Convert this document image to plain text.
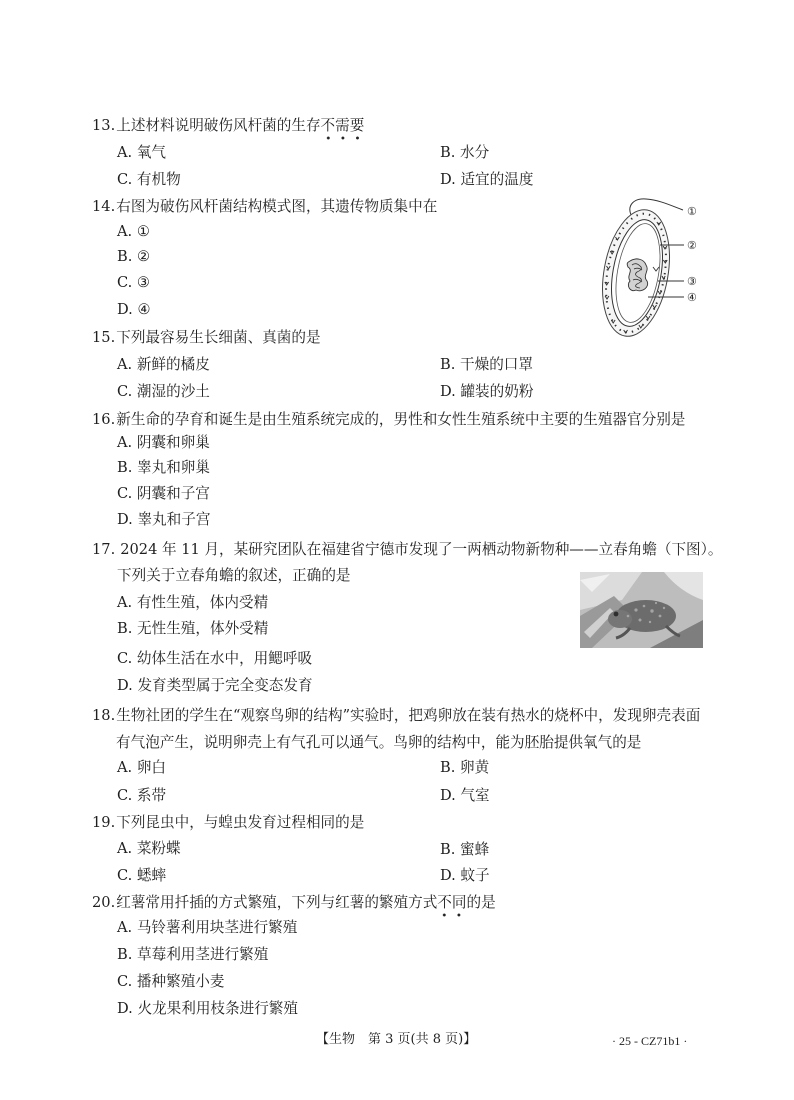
13.上述材料说明破伤风杆菌的生存不需要
A. 氧气	B. 水分
C. 有机物	D. 适宜的温度
14.右图为破伤风杆菌结构模式图，其遗传物质集中在
A. ①
B. ②
C. ③
D. ④
①
②
③
④
15.下列最容易生长细菌、真菌的是
A. 新鲜的橘皮	B. 干燥的口罩
C. 潮湿的沙土	D. 罐装的奶粉
16.新生命的孕育和诞生是由生殖系统完成的，男性和女性生殖系统中主要的生殖器官分别是
A. 阴囊和卵巢
B. 睾丸和卵巢
C. 阴囊和子宫
D. 睾丸和子宫
17. 2024 年 11 月，某研究团队在福建省宁德市发现了一两栖动物新物种——立春角蟾（下图）。
下列关于立春角蟾的叙述，正确的是
A. 有性生殖，体内受精
B. 无性生殖，体外受精
C. 幼体生活在水中，用鳃呼吸
D. 发育类型属于完全变态发育
18.生物社团的学生在“观察鸟卵的结构”实验时，把鸡卵放在装有热水的烧杯中，发现卵壳表面
有气泡产生，说明卵壳上有气孔可以通气。鸟卵的结构中，能为胚胎提供氧气的是
A. 卵白	B. 卵黄
C. 系带	D. 气室
19.下列昆虫中，与蝗虫发育过程相同的是
A. 菜粉蝶	B. 蜜蜂
C. 蟋蟀	D. 蚊子
20.红薯常用扦插的方式繁殖，下列与红薯的繁殖方式不同的是
A. 马铃薯利用块茎进行繁殖
B. 草莓利用茎进行繁殖
C. 播种繁殖小麦
D. 火龙果利用枝条进行繁殖
【生物　第 3 页(共 8 页)】	· 25 - CZ71b1 ·
